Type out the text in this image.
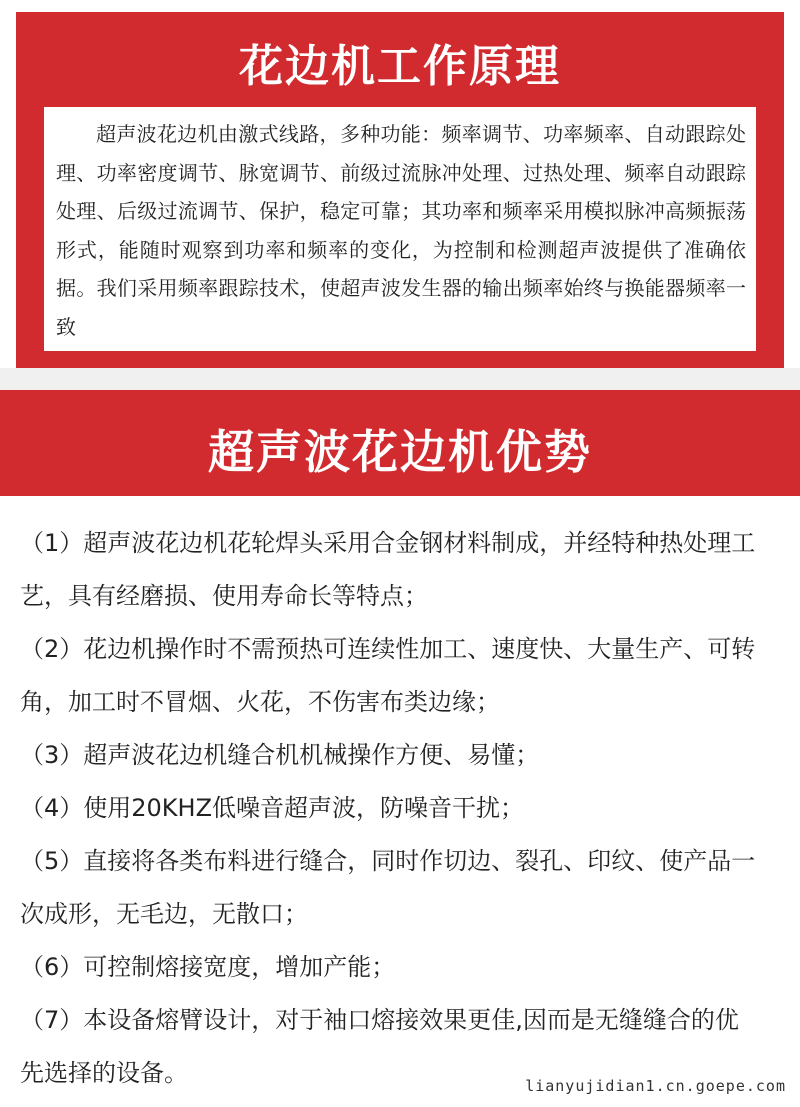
花边机工作原理

超声波花边机由激式线路，多种功能：频率调节、功率频率、自动跟踪处理、功率密度调节、脉宽调节、前级过流脉冲处理、过热处理、频率自动跟踪处理、后级过流调节、保护，稳定可靠；其功率和频率采用模拟脉冲高频振荡形式，能随时观察到功率和频率的变化，为控制和检测超声波提供了准确依据。我们采用频率跟踪技术，使超声波发生器的输出频率始终与换能器频率一致

超声波花边机优势
（1）超声波花边机花轮焊头采用合金钢材料制成，并经特种热处理工艺，具有经磨损、使用寿命长等特点；
（2）花边机操作时不需预热可连续性加工、速度快、大量生产、可转角，加工时不冒烟、火花，不伤害布类边缘；
（3）超声波花边机缝合机机械操作方便、易懂；
（4）使用20KHZ低噪音超声波，防噪音干扰；
（5）直接将各类布料进行缝合，同时作切边、裂孔、印纹、使产品一次成形，无毛边，无散口；
（6）可控制熔接宽度，增加产能；
（7）本设备熔臂设计，对于袖口熔接效果更佳,因而是无缝缝合的优先选择的设备。	lianyujidian1.cn.goepe.com
